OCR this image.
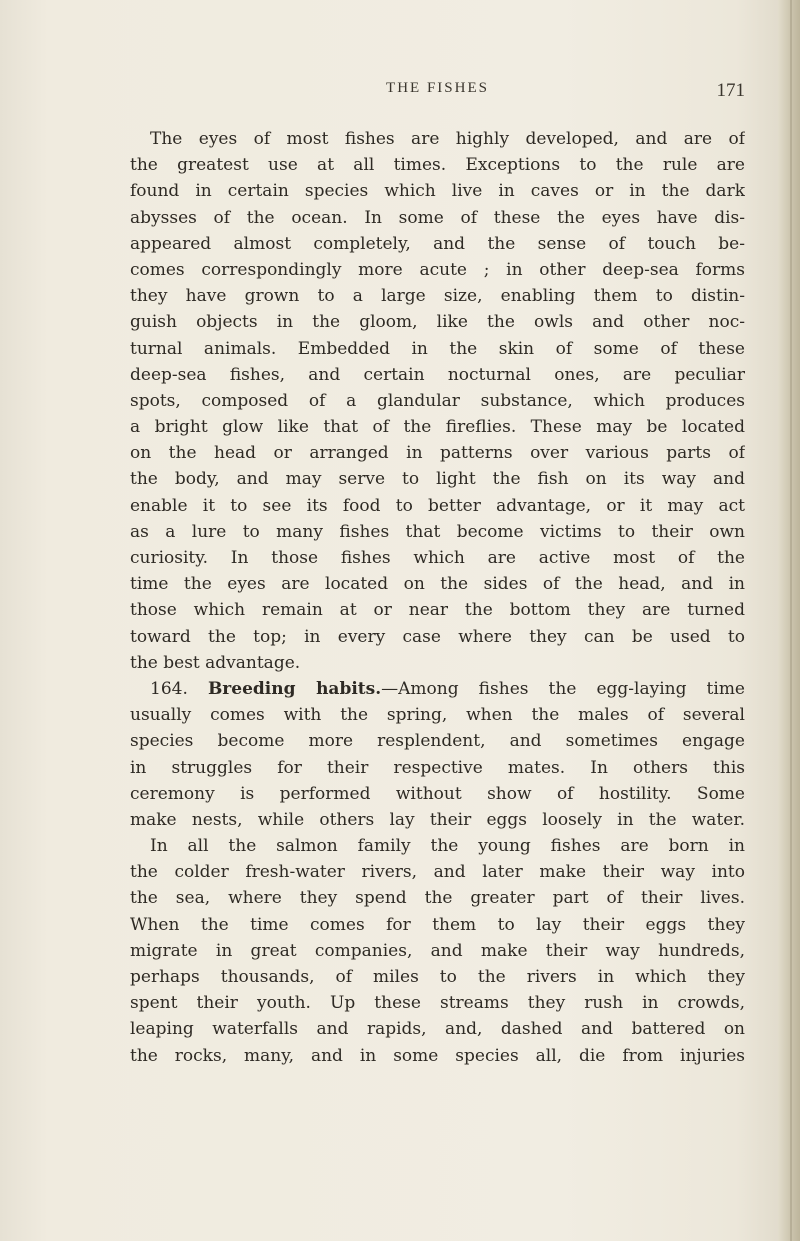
THE FISHES	171
The eyes of most fishes are highly developed, and are of
the greatest use at all times. Exceptions to the rule are
found in certain species which live in caves or in the dark
abysses of the ocean. In some of these the eyes have dis-
appeared almost completely, and the sense of touch be-
comes correspondingly more acute ; in other deep-sea forms
they have grown to a large size, enabling them to distin-
guish objects in the gloom, like the owls and other noc-
turnal animals. Embedded in the skin of some of these
deep-sea fishes, and certain nocturnal ones, are peculiar
spots, composed of a glandular substance, which produces
a bright glow like that of the fireflies. These may be located
on the head or arranged in patterns over various parts of
the body, and may serve to light the fish on its way and
enable it to see its food to better advantage, or it may act
as a lure to many fishes that become victims to their own
curiosity. In those fishes which are active most of the
time the eyes are located on the sides of the head, and in
those which remain at or near the bottom they are turned
toward the top; in every case where they can be used to
the best advantage.
164. Breeding habits.—Among fishes the egg-laying time
usually comes with the spring, when the males of several
species become more resplendent, and sometimes engage
in struggles for their respective mates. In others this
ceremony is performed without show of hostility. Some
make nests, while others lay their eggs loosely in the water.
In all the salmon family the young fishes are born in
the colder fresh-water rivers, and later make their way into
the sea, where they spend the greater part of their lives.
When the time comes for them to lay their eggs they
migrate in great companies, and make their way hundreds,
perhaps thousands, of miles to the rivers in which they
spent their youth. Up these streams they rush in crowds,
leaping waterfalls and rapids, and, dashed and battered on
the rocks, many, and in some species all, die from injuries
